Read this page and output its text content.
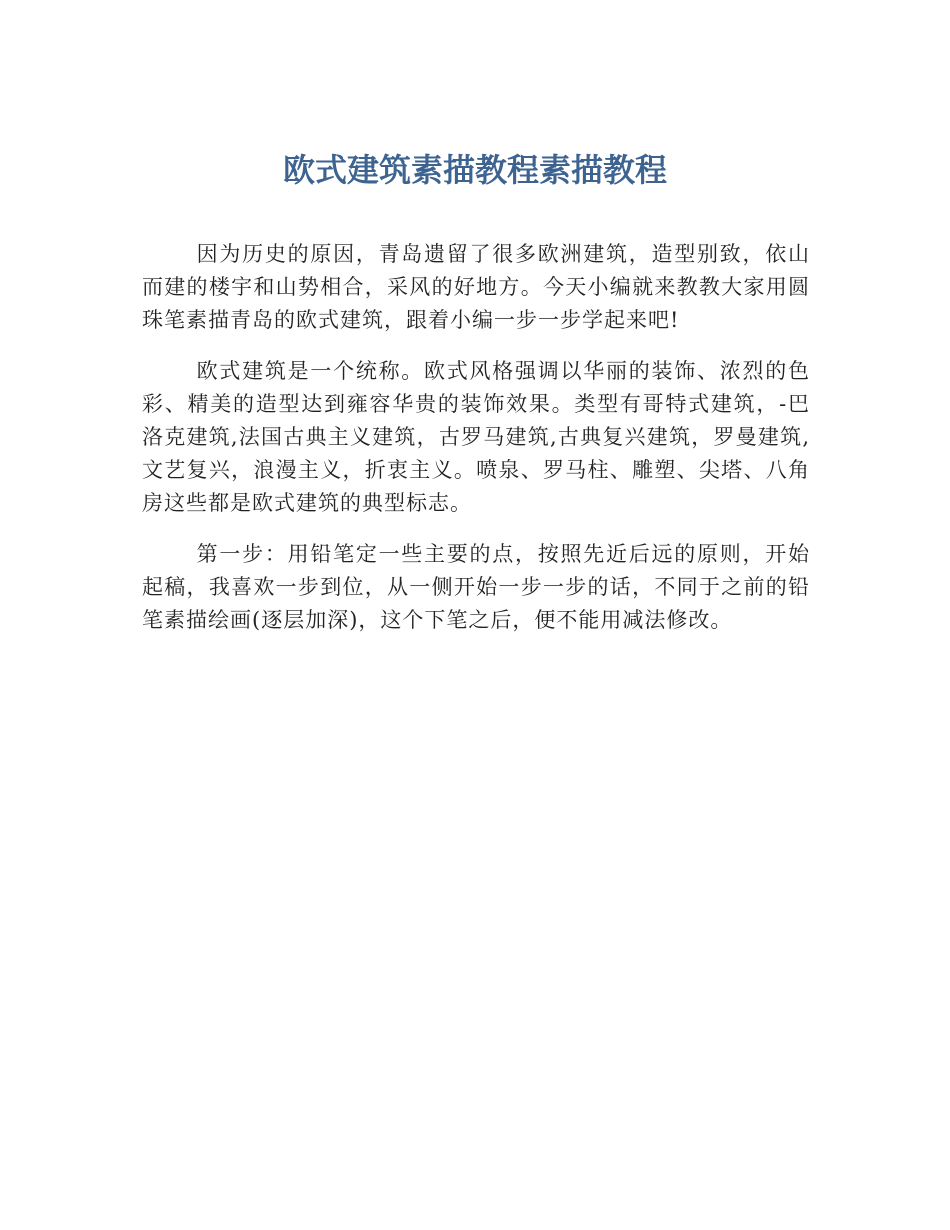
欧式建筑素描教程素描教程

因为历史的原因，青岛遗留了很多欧洲建筑，造型别致，依山而建的楼宇和山势相合，采风的好地方。今天小编就来教教大家用圆珠笔素描青岛的欧式建筑，跟着小编一步一步学起来吧!

欧式建筑是一个统称。欧式风格强调以华丽的装饰、浓烈的色彩、精美的造型达到雍容华贵的装饰效果。类型有哥特式建筑，-巴洛克建筑,法国古典主义建筑，古罗马建筑,古典复兴建筑，罗曼建筑,文艺复兴，浪漫主义，折衷主义。喷泉、罗马柱、雕塑、尖塔、八角房这些都是欧式建筑的典型标志。

第一步：用铅笔定一些主要的点，按照先近后远的原则，开始起稿，我喜欢一步到位，从一侧开始一步一步的话，不同于之前的铅笔素描绘画(逐层加深)，这个下笔之后，便不能用减法修改。
